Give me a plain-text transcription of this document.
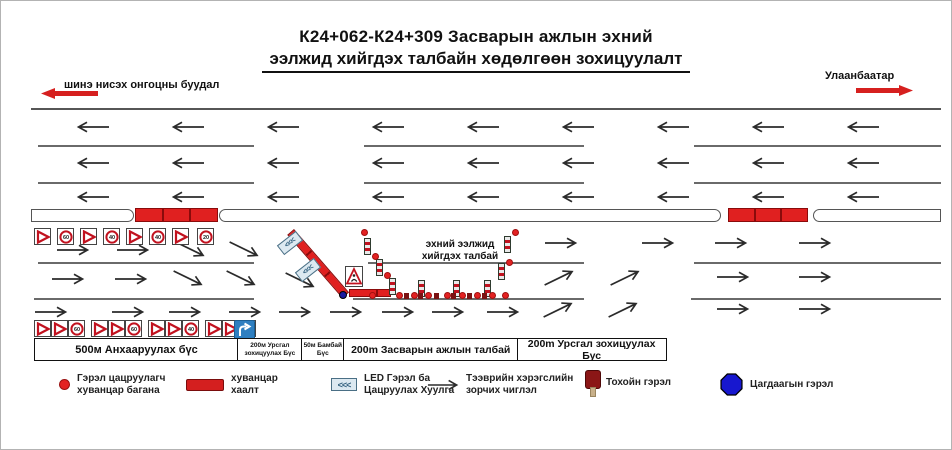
К24+062-К24+309 Засварын ажлын эхний
ээлжид хийгдэх талбайн хөдөлгөөн зохицуулалт
шинэ нисэх онгоцны буудал
Улаанбаатар
60	40	40	20
60	60	40
<<<
<<<
эхний ээлжид
хийгдэх талбай
500м Анхааруулах бүс	200м Урсгал
зохицуулах Бүс
50м Бамбай
Бүс 200m Засварын ажлын талбай	200m Урсгал зохицуулах Бус
Гэрэл цацруулагч
хуванцар багана
хуванцар
хаалт	<<<
LED Гэрэл ба
Цацруулах Хуулга
Тээврийн хэрэгслийн
зорчих чиглэл
Тохойн гэрэл	Цагдаагын гэрэл
